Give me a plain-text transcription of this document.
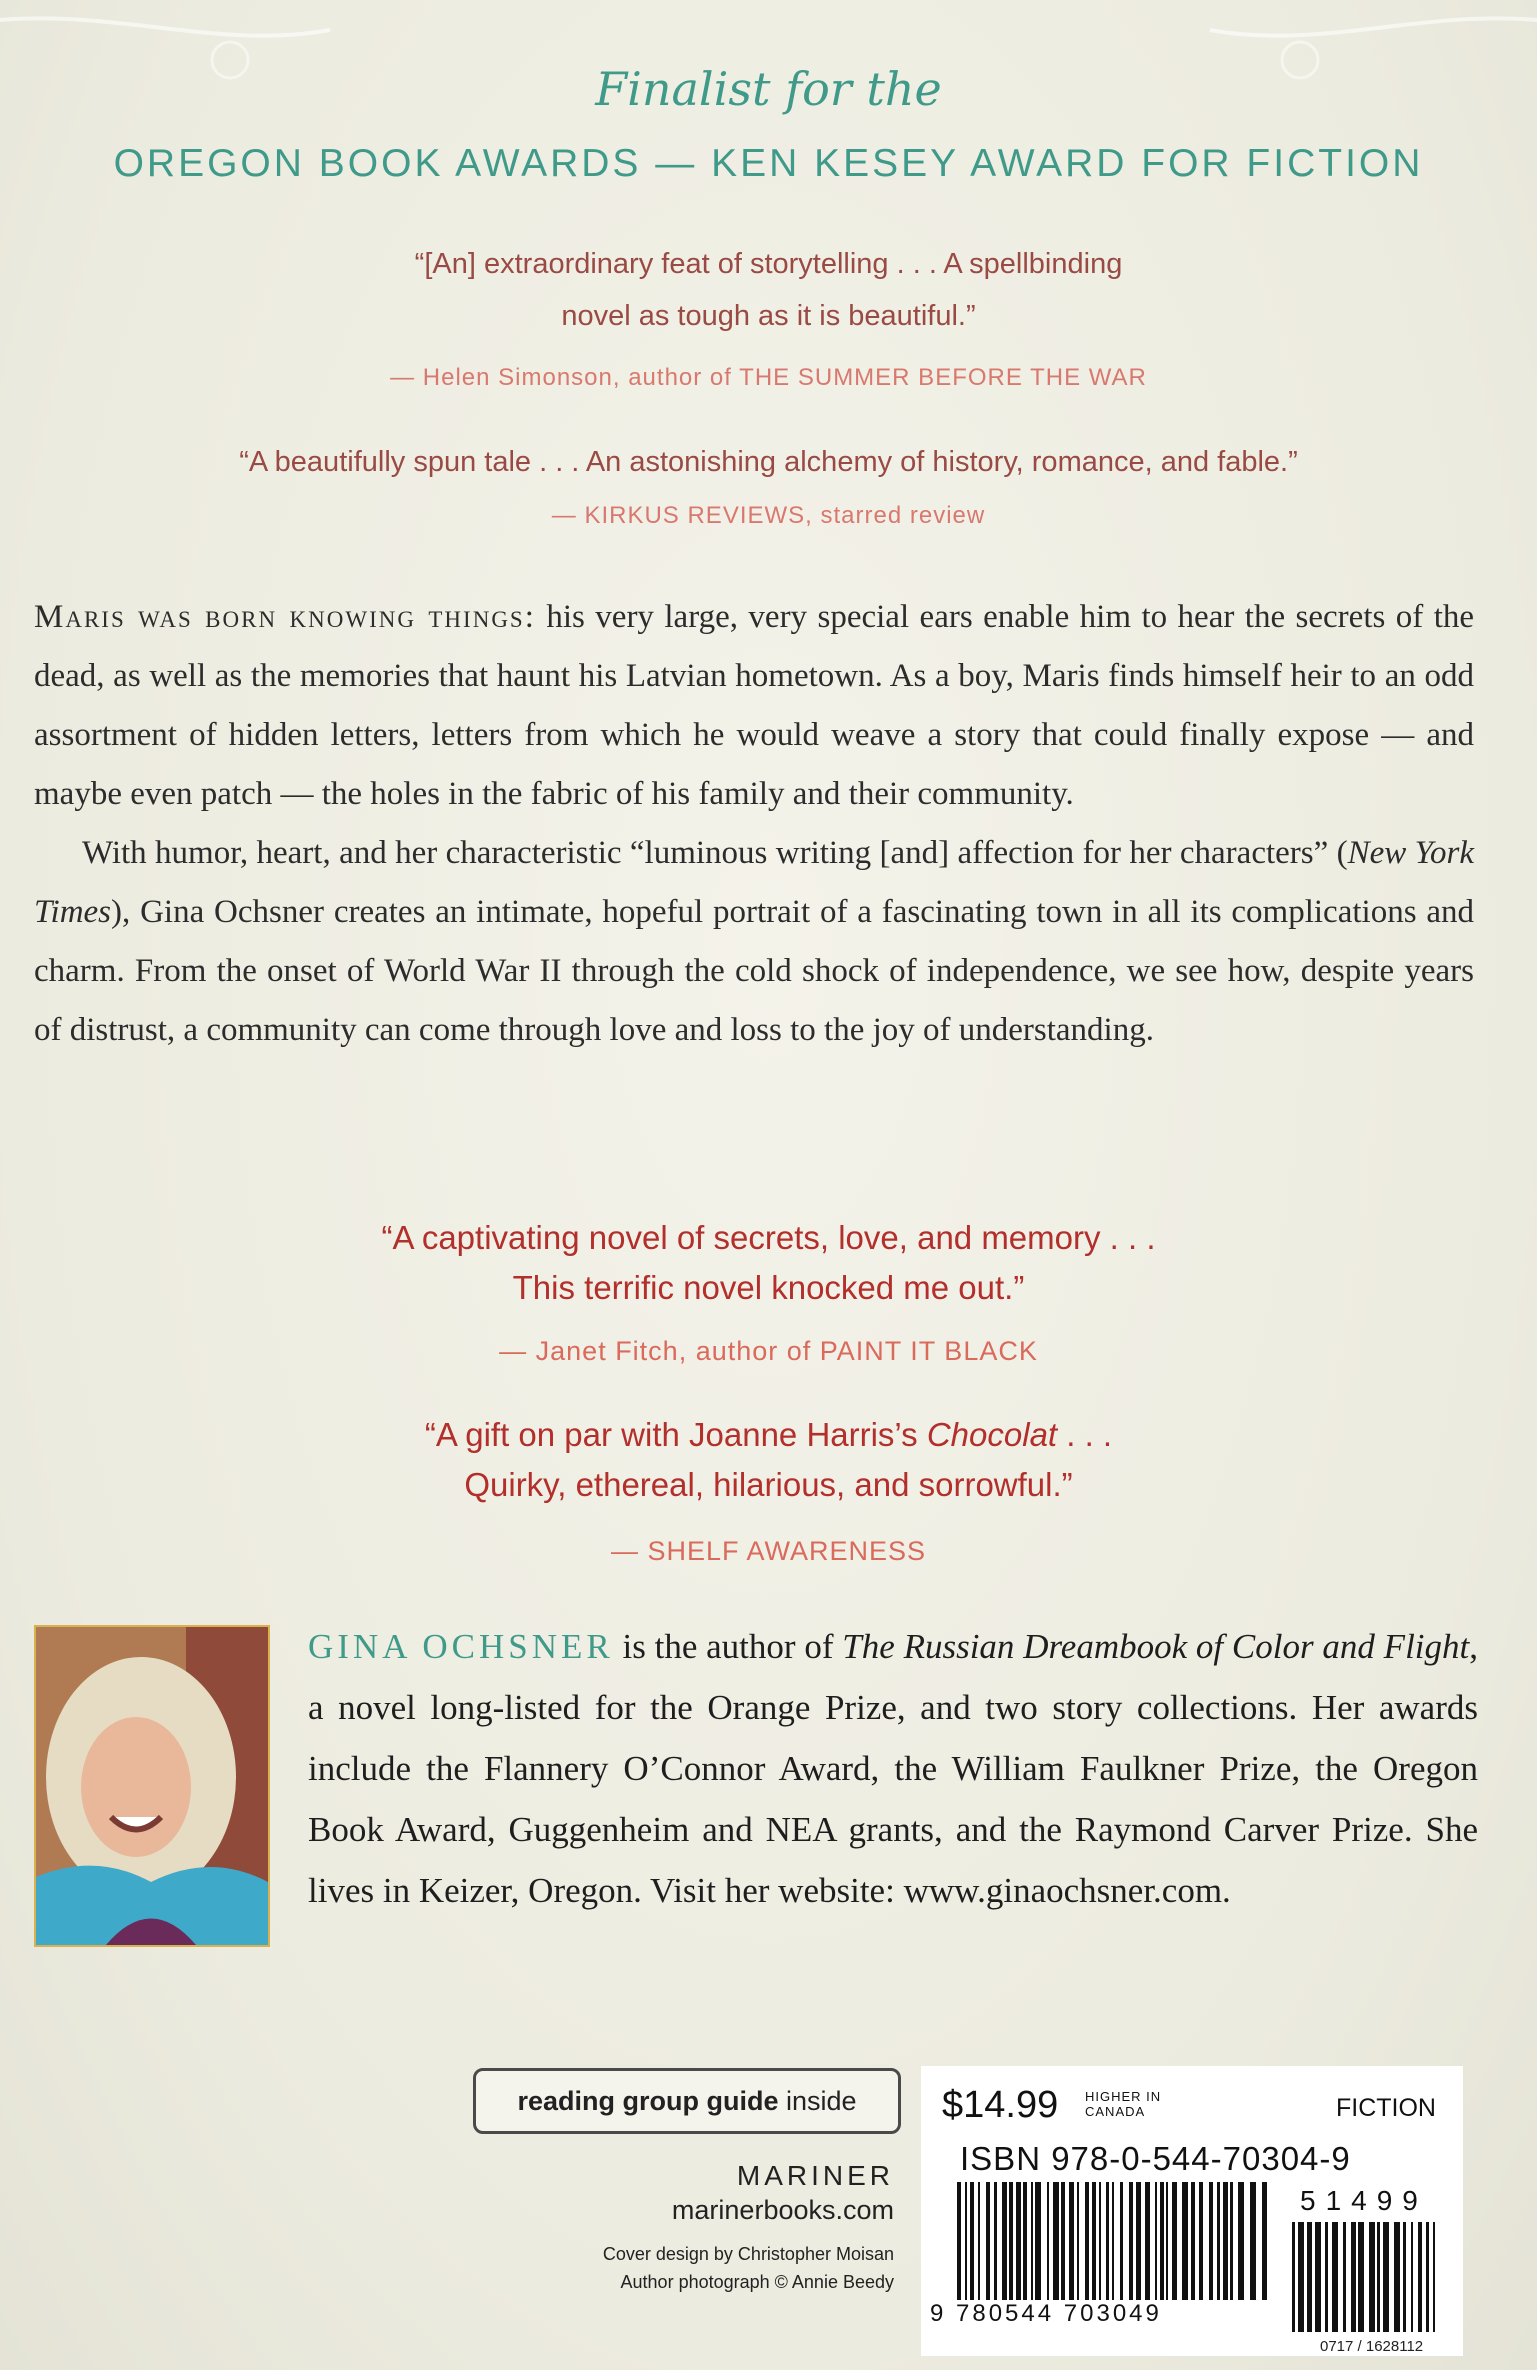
Finalist for the
OREGON BOOK AWARDS — KEN KESEY AWARD FOR FICTION
“[An] extraordinary feat of storytelling . . . A spellbinding
novel as tough as it is beautiful.”
— Helen Simonson, author of THE SUMMER BEFORE THE WAR
“A beautifully spun tale . . . An astonishing alchemy of history, romance, and fable.”
— KIRKUS REVIEWS, starred review

Maris was born knowing things: his very large, very special ears enable him to hear the secrets of the dead, as well as the memories that haunt his Latvian hometown. As a boy, Maris finds himself heir to an odd assortment of hidden letters, letters from which he would weave a story that could finally expose — and maybe even patch — the holes in the fabric of his family and their community.

With humor, heart, and her characteristic “luminous writing [and] affection for her characters” (New York Times), Gina Ochsner creates an intimate, hopeful portrait of a fascinating town in all its complications and charm. From the onset of World War II through the cold shock of independence, we see how, despite years of distrust, a community can come through love and loss to the joy of understanding.

“A captivating novel of secrets, love, and memory . . .
This terrific novel knocked me out.”
— Janet Fitch, author of PAINT IT BLACK
“A gift on par with Joanne Harris’s Chocolat . . .
Quirky, ethereal, hilarious, and sorrowful.”
— SHELF AWARENESS
GINA OCHSNER is the author of The Russian Dreambook of Color and Flight, a novel long-listed for the Orange Prize, and two story collections. Her awards include the Flannery O’Connor Award, the William Faulkner Prize, the Oregon Book Award, Guggenheim and NEA grants, and the Raymond Carver Prize. She lives in Keizer, Oregon. Visit her website: www.ginaochsner.com.
reading group guide inside
MARINER
marinerbooks.com
Cover design by Christopher Moisan
Author photograph © Annie Beedy
$14.99 HIGHER IN
CANADA	FICTION
ISBN 978-0-544-70304-9
51499
9 780544 703049
0717 / 1628112
